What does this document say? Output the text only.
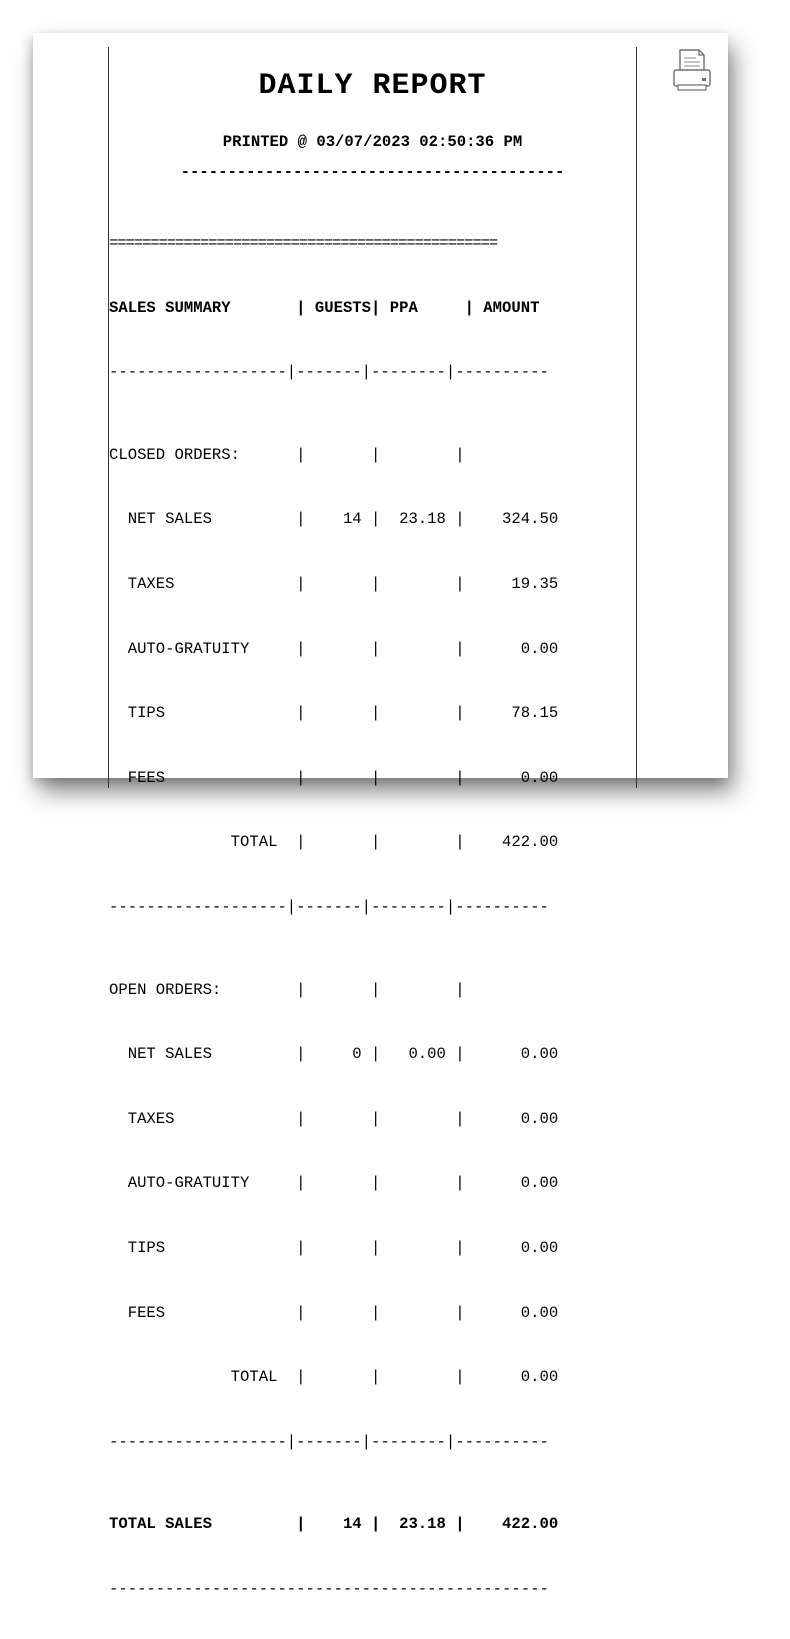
DAILY REPORT
PRINTED @ 03/07/2023 02:50:36 PM
-----------------------------------------

===============================================

SALES SUMMARY       | GUESTS| PPA     | AMOUNT

-------------------|-------|--------|----------

CLOSED ORDERS:      |       |        |

NET SALES         |    14 |  23.18 |    324.50

TAXES             |       |        |     19.35

AUTO-GRATUITY     |       |        |      0.00

TIPS              |       |        |     78.15

FEES              |       |        |      0.00

TOTAL  |       |        |    422.00

-------------------|-------|--------|----------

OPEN ORDERS:        |       |        |

NET SALES         |     0 |   0.00 |      0.00

TAXES             |       |        |      0.00

AUTO-GRATUITY     |       |        |      0.00

TIPS              |       |        |      0.00

FEES              |       |        |      0.00

TOTAL  |       |        |      0.00

-------------------|-------|--------|----------

TOTAL SALES         |    14 |  23.18 |    422.00

-----------------------------------------------
